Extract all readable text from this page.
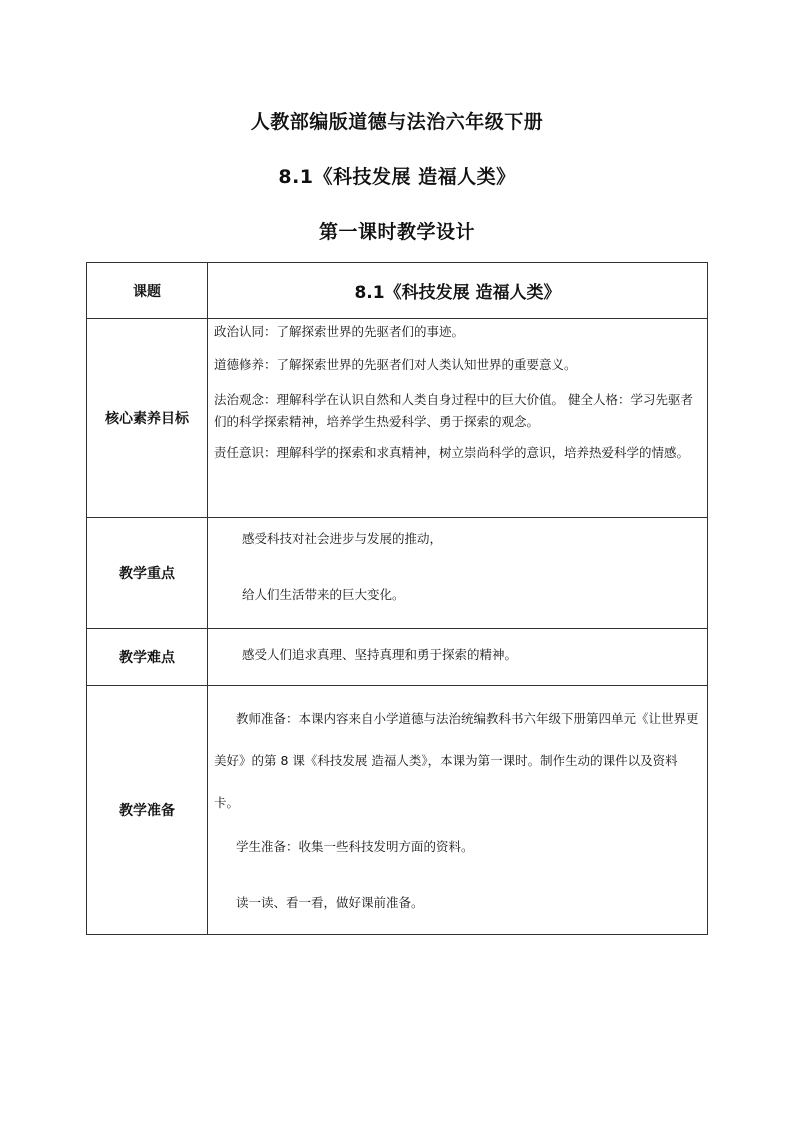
人教部编版道德与法治六年级下册
8.1《科技发展 造福人类》
第一课时教学设计
课题	8.1《科技发展 造福人类》
核心素养目标	政治认同：了解探索世界的先驱者们的事迹。

道德修养：了解探索世界的先驱者们对人类认知世界的重要意义。

法治观念：理解科学在认识自然和人类自身过程中的巨大价值。 健全人格：学习先驱者们的科学探索精神，培养学生热爱科学、勇于探索的观念。

责任意识：理解科学的探索和求真精神，树立崇尚科学的意识，培养热爱科学的情感。

教学重点	感受科技对社会进步与发展的推动，

给人们生活带来的巨大变化。

教学难点	感受人们追求真理、坚持真理和勇于探索的精神。

教学准备	教师准备：本课内容来自小学道德与法治统编教科书六年级下册第四单元《让世界更美好》的第 8 课《科技发展 造福人类》，本课为第一课时。制作生动的课件以及资料卡。

学生准备：收集一些科技发明方面的资料。

读一读、看一看，做好课前准备。
